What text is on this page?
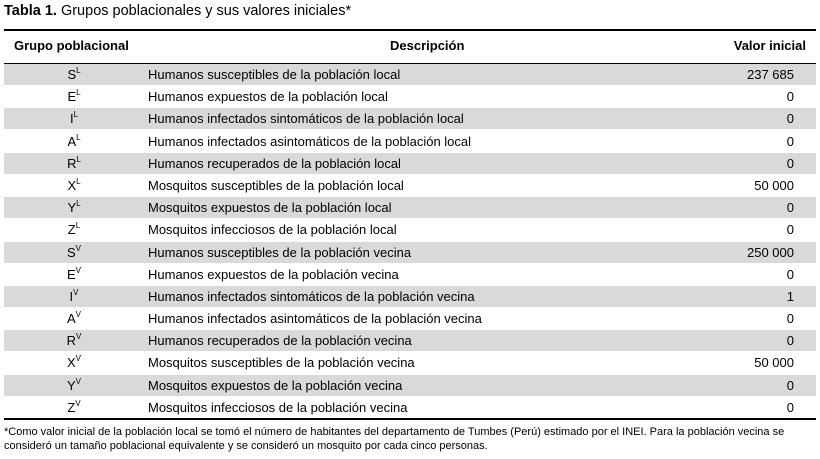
Tabla 1. Grupos poblacionales y sus valores iniciales*
Grupo poblacional	Descripción	Valor inicial
$S^L$	Humanos susceptibles de la población local	237 685
$E^L$	Humanos expuestos de la población local	0
$I^L$	Humanos infectados sintomáticos de la población local	0
$A^L$	Humanos infectados asintomáticos de la población local	0
$R^L$	Humanos recuperados de la población local	0
$X^L$	Mosquitos susceptibles de la población local	50 000
$Y^L$	Mosquitos expuestos de la población local	0
$Z^L$	Mosquitos infecciosos de la población local	0
$S^V$	Humanos susceptibles de la población vecina	250 000
$E^V$	Humanos expuestos de la población vecina	0
$I^V$	Humanos infectados sintomáticos de la población vecina	1
$A^V$	Humanos infectados asintomáticos de la población vecina	0
$R^V$	Humanos recuperados de la población vecina	0
$X^V$	Mosquitos susceptibles de la población vecina	50 000
$Y^V$	Mosquitos expuestos de la población vecina	0
$Z^V$	Mosquitos infecciosos de la población vecina	0
*Como valor inicial de la población local se tomó el número de habitantes del departamento de Tumbes (Perú) estimado por el INEI. Para la población vecina se consideró un tamaño poblacional equivalente y se consideró un mosquito por cada cinco personas.
